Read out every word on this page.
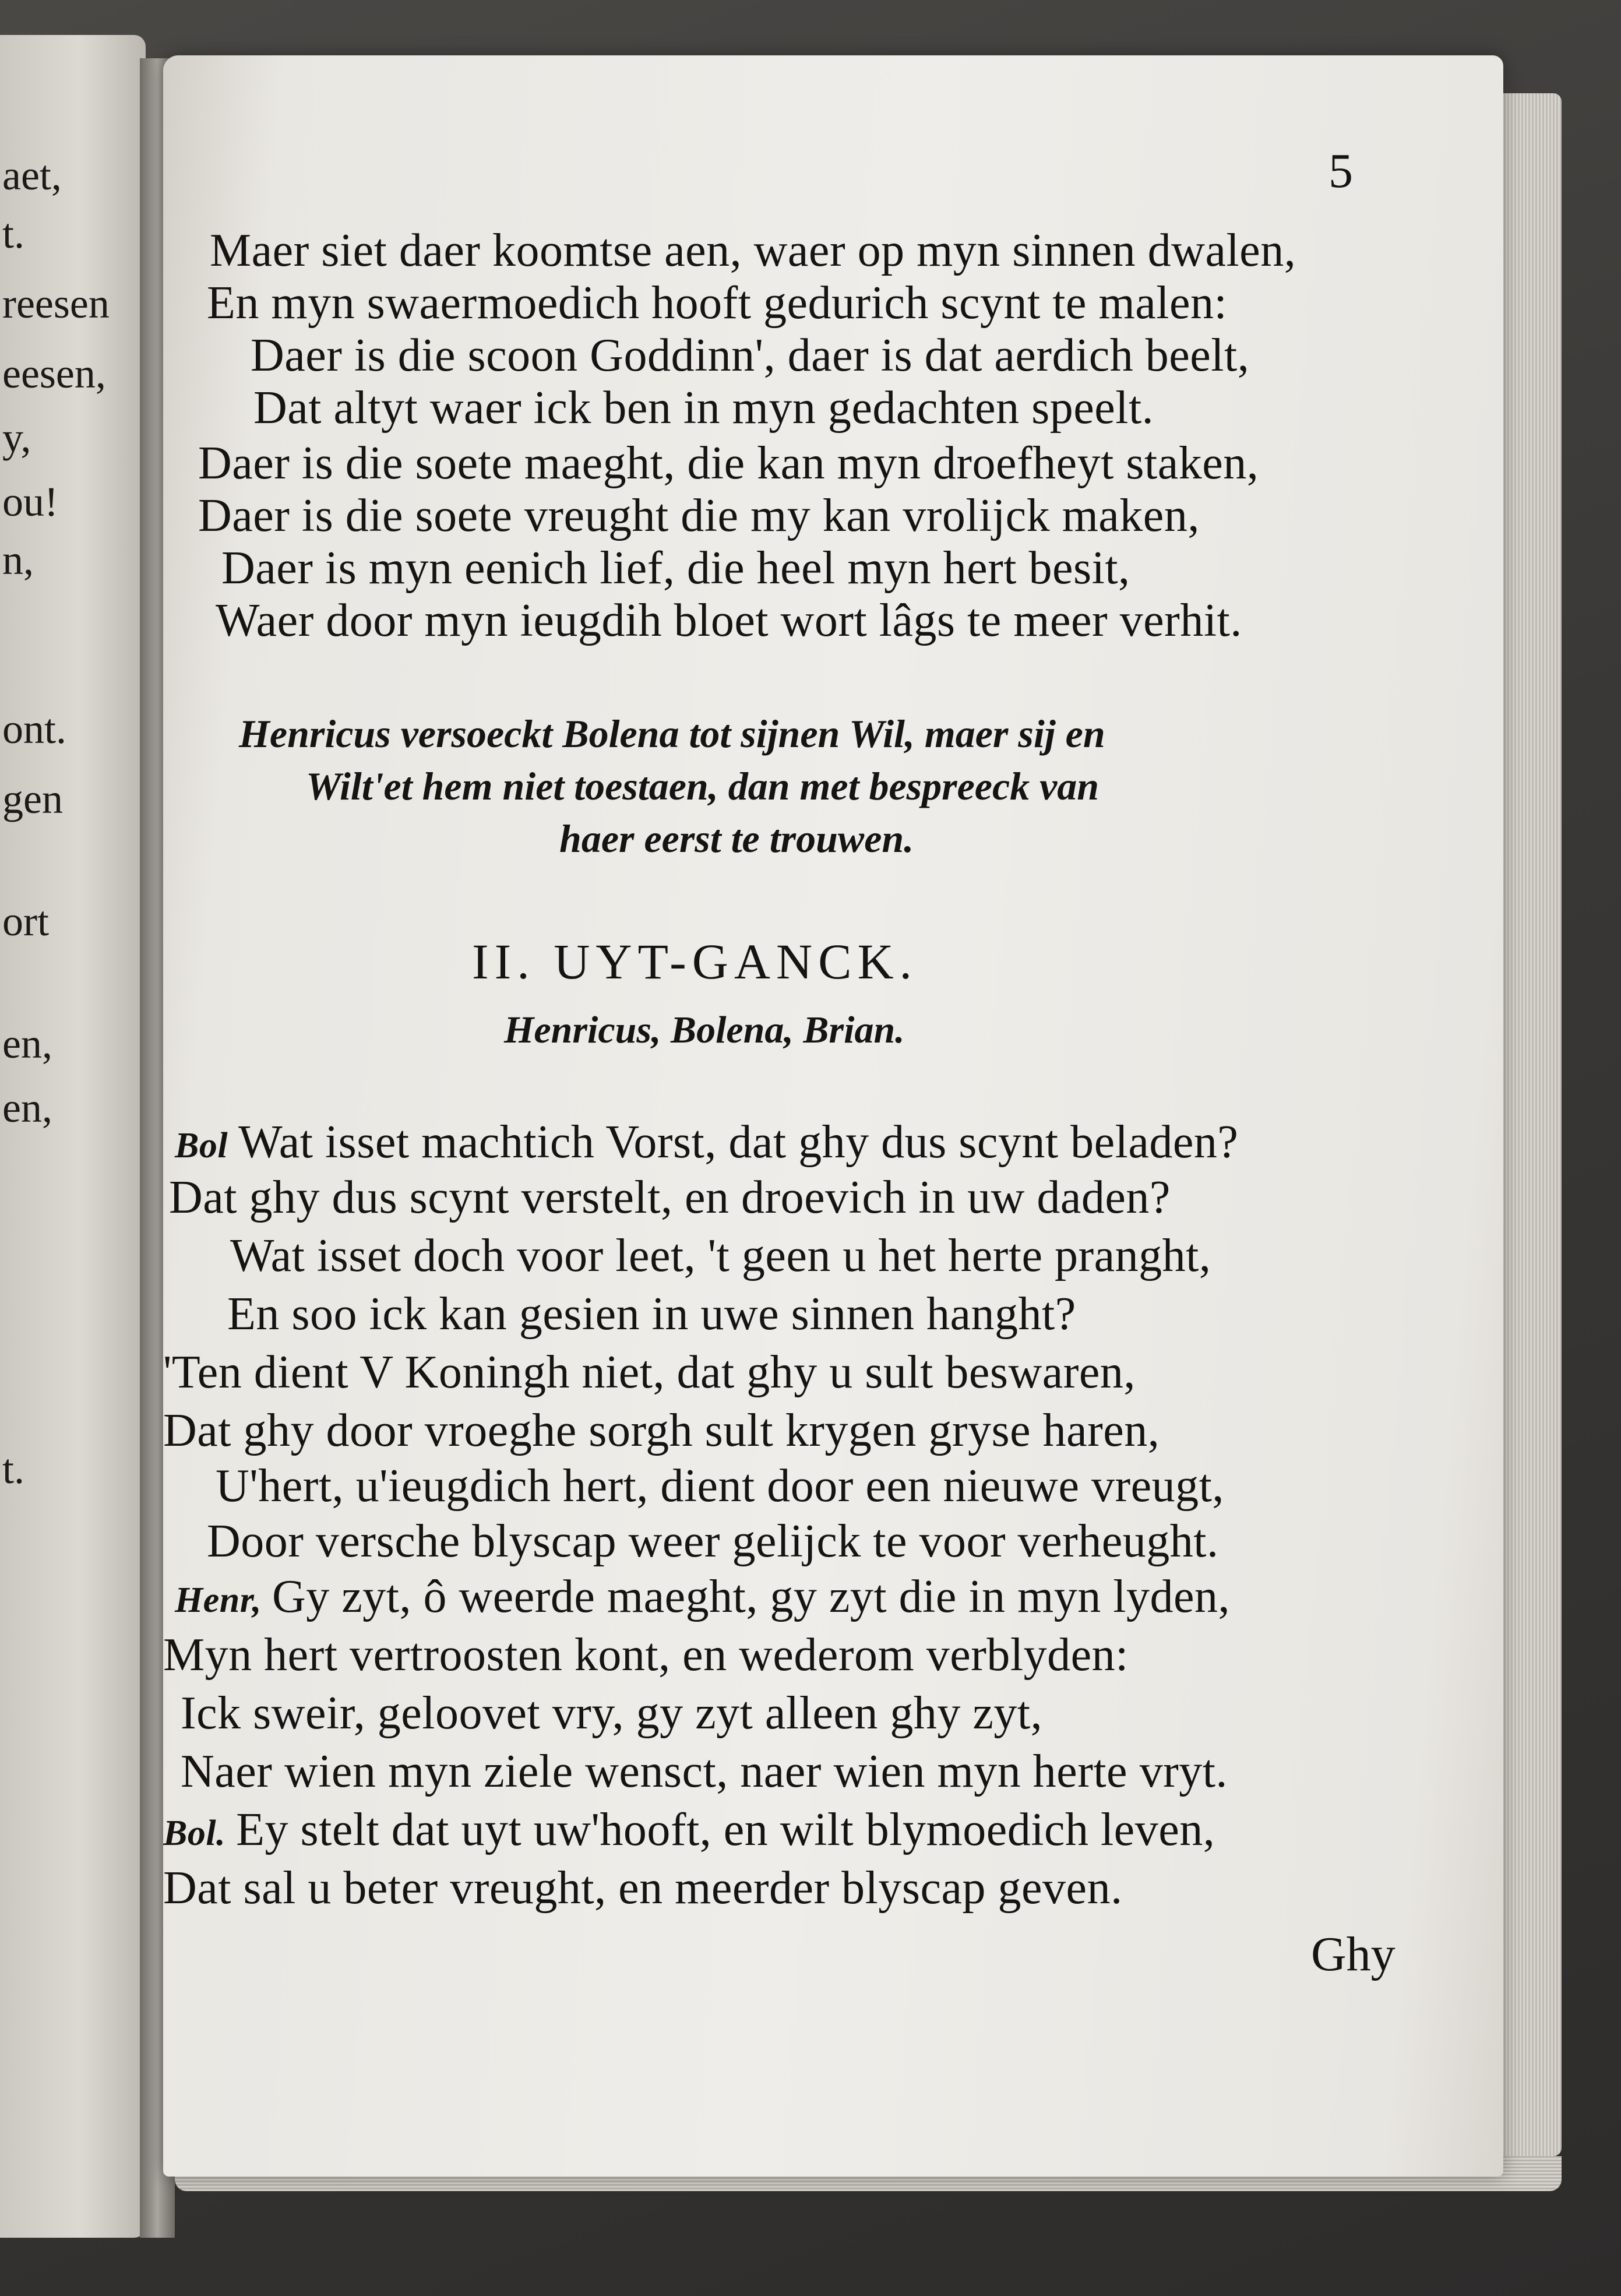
aet,
t.
reesen
eesen,
y,
ou!
n,
ont.
gen
ort
en,
en,
t.
5
Maer siet daer koomtse aen, waer op myn sinnen dwalen,
En myn swaermoedich hooft gedurich scynt te malen:
Daer is die scoon Goddinn', daer is dat aerdich beelt,
Dat altyt waer ick ben in myn gedachten speelt.
Daer is die soete maeght, die kan myn droefheyt staken,
Daer is die soete vreught die my kan vrolijck maken,
Daer is myn eenich lief, die heel myn hert besit,
Waer door myn ieugdih bloet wort lâgs te meer verhit.
Henricus versoeckt Bolena tot sijnen Wil, maer sij en
Wilt'et hem niet toestaen, dan met bespreeck van
haer eerst te trouwen.
II. UYT-GANCK.
Henricus, Bolena, Brian.
Bol Wat isset machtich Vorst, dat ghy dus scynt beladen?
Dat ghy dus scynt verstelt, en droevich in uw daden?
Wat isset doch voor leet, 't geen u het herte pranght,
En soo ick kan gesien in uwe sinnen hanght?
'Ten dient V Koningh niet, dat ghy u sult beswaren,
Dat ghy door vroeghe sorgh sult krygen gryse haren,
U'hert, u'ieugdich hert, dient door een nieuwe vreugt,
Door versche blyscap weer gelijck te voor verheught.
Henr, Gy zyt, ô weerde maeght, gy zyt die in myn lyden,
Myn hert vertroosten kont, en wederom verblyden:
Ick sweir, geloovet vry, gy zyt alleen ghy zyt,
Naer wien myn ziele wensct, naer wien myn herte vryt.
Bol. Ey stelt dat uyt uw'hooft, en wilt blymoedich leven,
Dat sal u beter vreught, en meerder blyscap geven.
Ghy
